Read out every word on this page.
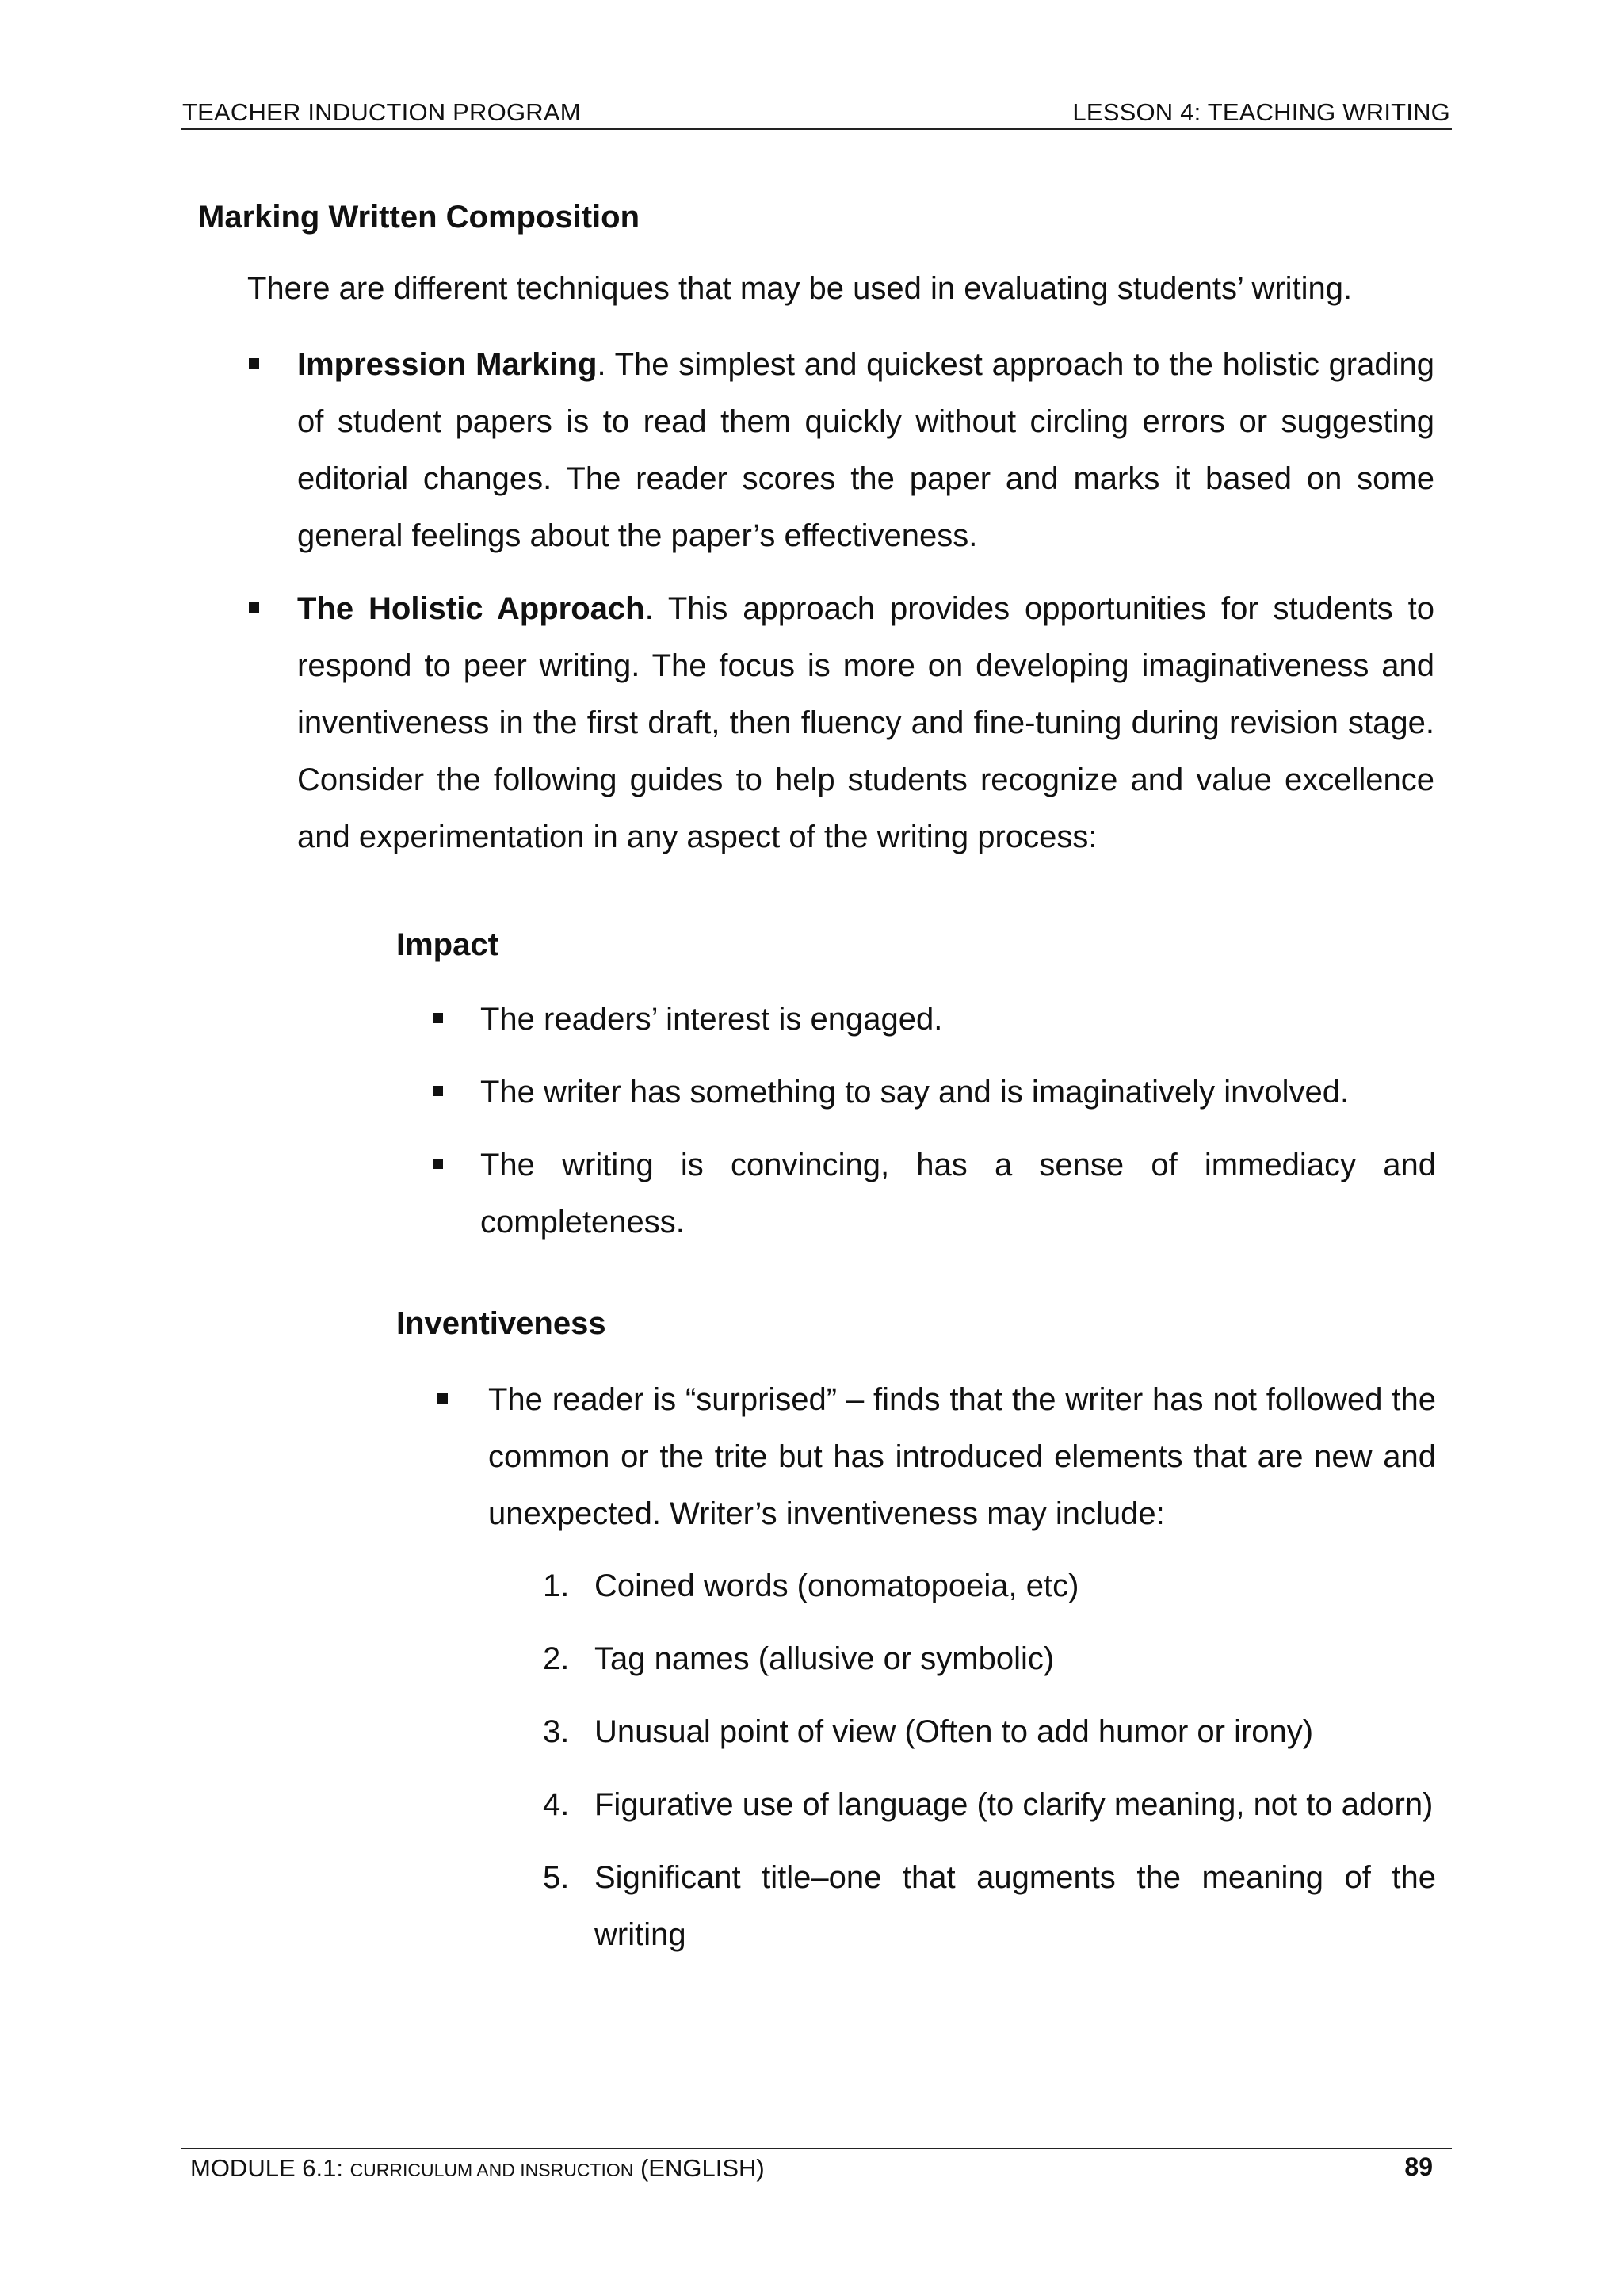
TEACHER INDUCTION PROGRAM	LESSON 4: TEACHING WRITING
Marking Written Composition
There are different techniques that may be used in evaluating students’ writing.
Impression Marking. The simplest and quickest approach to the holistic grading of student papers is to read them quickly without circling errors or suggesting editorial changes. The reader scores the paper and marks it based on some general feelings about the paper’s effectiveness.
The Holistic Approach. This approach provides opportunities for students to respond to peer writing. The focus is more on developing imaginativeness and inventiveness in the first draft, then fluency and fine-tuning during revision stage. Consider the following guides to help students recognize and value excellence and experimentation in any aspect of the writing process:
Impact
The readers’ interest is engaged.
The writer has something to say and is imaginatively involved.
The writing is convincing, has a sense of immediacy and completeness.
Inventiveness
The reader is “surprised” – finds that the writer has not followed the common or the trite but has introduced elements that are new and unexpected. Writer’s inventiveness may include:
1. Coined words (onomatopoeia, etc)
2. Tag names (allusive or symbolic)
3. Unusual point of view (Often to add humor or irony)
4. Figurative use of language (to clarify meaning, not to adorn)
5. Significant title–one that augments the meaning of the writing
MODULE 6.1: CURRICULUM AND INSRUCTION (ENGLISH)	89
